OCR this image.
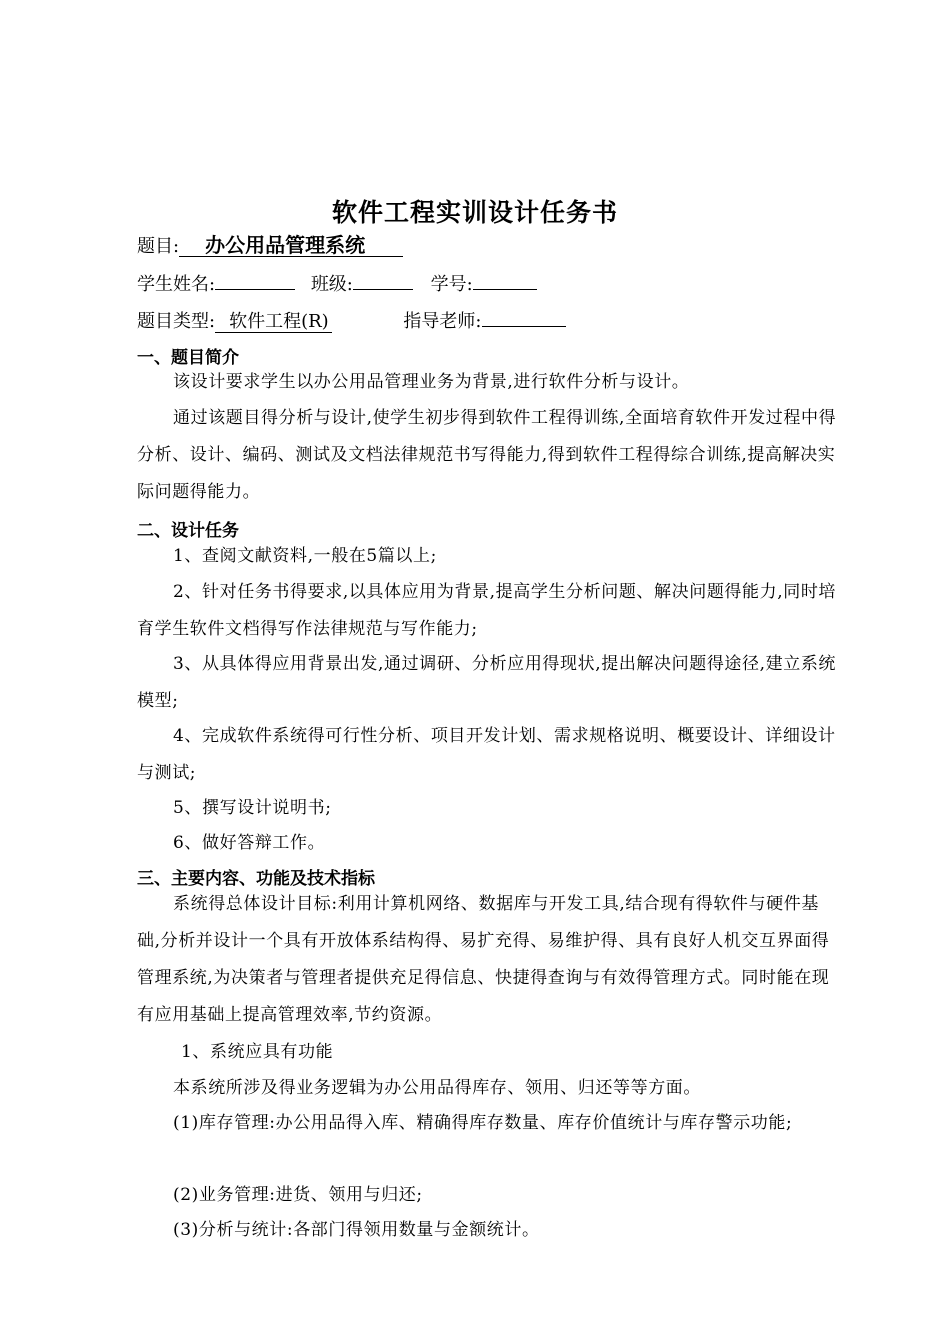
软件工程实训设计任务书
题目: 办公用品管理系统
学生姓名:	班级:	学号:
题目类型: 软件工程(R)	指导老师:
一、题目简介
该设计要求学生以办公用品管理业务为背景,进行软件分析与设计。
通过该题目得分析与设计,使学生初步得到软件工程得训练,全面培育软件开发过程中得分析、设计、编码、测试及文档法律规范书写得能力,得到软件工程得综合训练,提高解决实际问题得能力。
二、设计任务
1、查阅文献资料,一般在5篇以上;
2、针对任务书得要求,以具体应用为背景,提高学生分析问题、解决问题得能力,同时培育学生软件文档得写作法律规范与写作能力;
3、从具体得应用背景出发,通过调研、分析应用得现状,提出解决问题得途径,建立系统模型;
4、完成软件系统得可行性分析、项目开发计划、需求规格说明、概要设计、详细设计与测试;
5、撰写设计说明书;
6、做好答辩工作。
三、主要内容、功能及技术指标
系统得总体设计目标:利用计算机网络、数据库与开发工具,结合现有得软件与硬件基础,分析并设计一个具有开放体系结构得、易扩充得、易维护得、具有良好人机交互界面得管理系统,为决策者与管理者提供充足得信息、快捷得查询与有效得管理方式。同时能在现有应用基础上提高管理效率,节约资源。
1、系统应具有功能
本系统所涉及得业务逻辑为办公用品得库存、领用、归还等等方面。
(1)库存管理:办公用品得入库、精确得库存数量、库存价值统计与库存警示功能;
(2)业务管理:进货、领用与归还;
(3)分析与统计:各部门得领用数量与金额统计。
